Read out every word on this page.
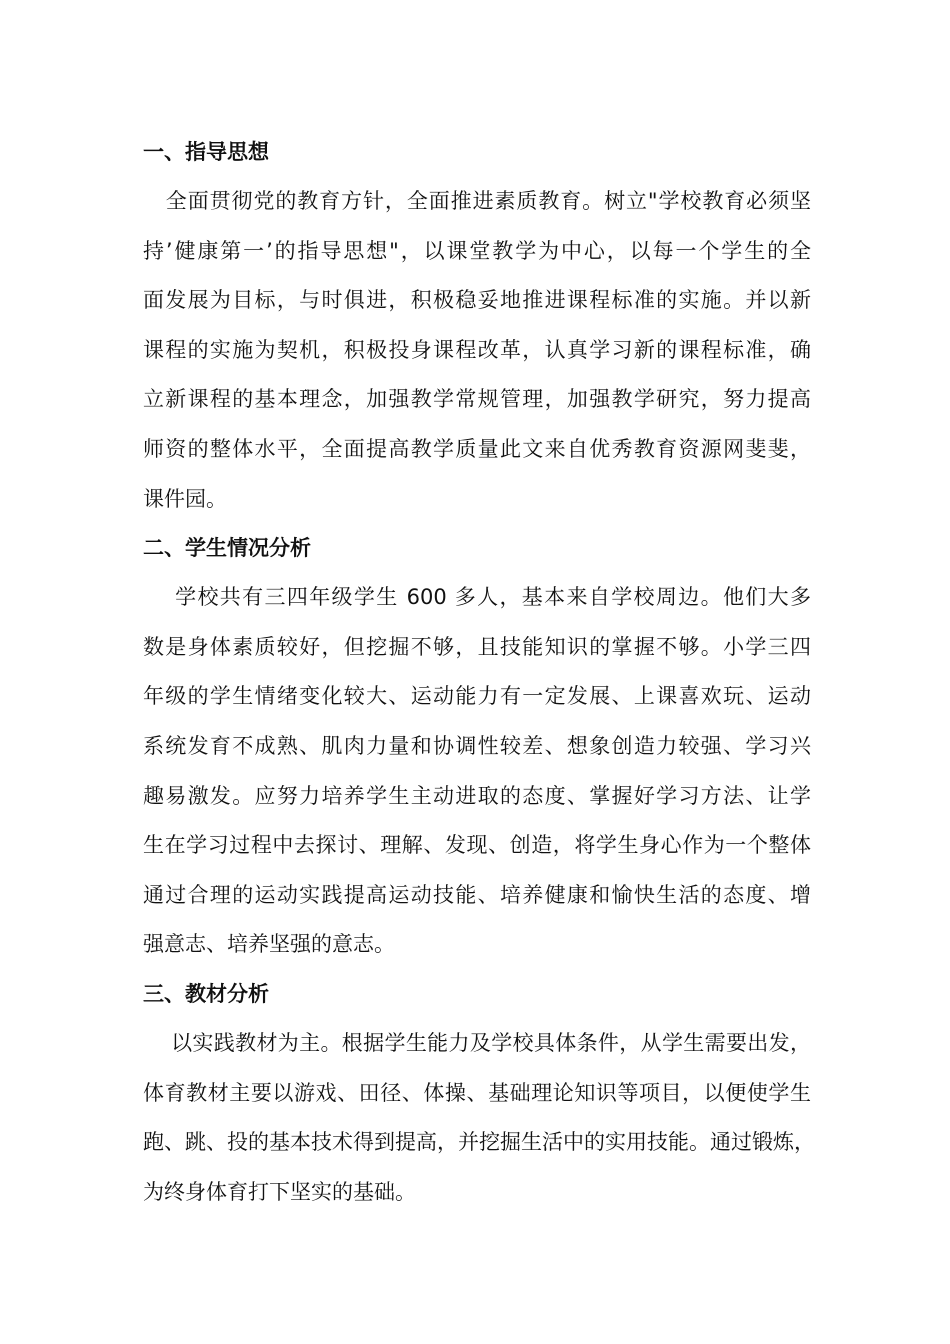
一、指导思想
全面贯彻党的教育方针，全面推进素质教育。树立"学校教育必须坚
持’健康第一’的指导思想"，以课堂教学为中心，以每一个学生的全
面发展为目标，与时俱进，积极稳妥地推进课程标准的实施。并以新
课程的实施为契机，积极投身课程改革，认真学习新的课程标准，确
立新课程的基本理念，加强教学常规管理，加强教学研究，努力提高
师资的整体水平，全面提高教学质量此文来自优秀教育资源网斐斐，
课件园。
二、学生情况分析
学校共有三四年级学生 600 多人，基本来自学校周边。他们大多
数是身体素质较好，但挖掘不够，且技能知识的掌握不够。小学三四
年级的学生情绪变化较大、运动能力有一定发展、上课喜欢玩、运动
系统发育不成熟、肌肉力量和协调性较差、想象创造力较强、学习兴
趣易激发。应努力培养学生主动进取的态度、掌握好学习方法、让学
生在学习过程中去探讨、理解、发现、创造，将学生身心作为一个整体
通过合理的运动实践提高运动技能、培养健康和愉快生活的态度、增
强意志、培养坚强的意志。
三、教材分析
以实践教材为主。根据学生能力及学校具体条件，从学生需要出发，
体育教材主要以游戏、田径、体操、基础理论知识等项目，以便使学生
跑、跳、投的基本技术得到提高，并挖掘生活中的实用技能。通过锻炼，
为终身体育打下坚实的基础。
